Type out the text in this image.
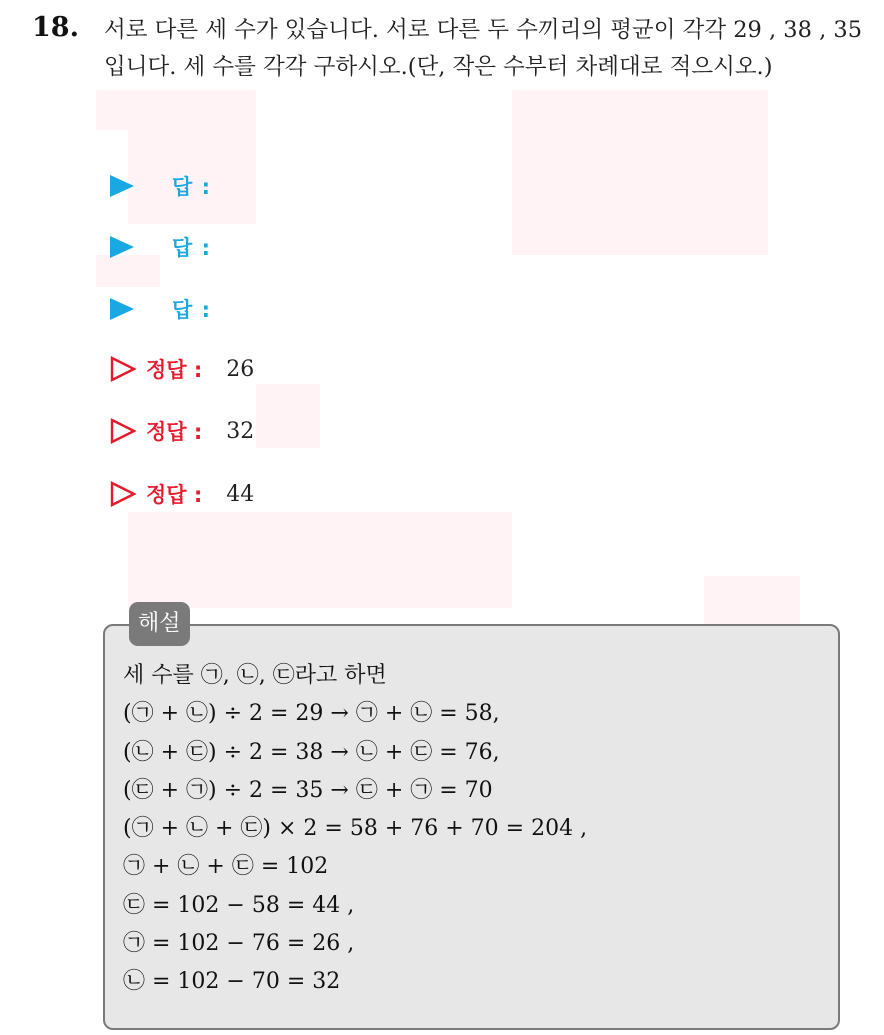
18. 서로 다른 세 수가 있습니다. 서로 다른 두 수끼리의 평균이 각각 29 , 38 , 35 입니다. 세 수를 각각 구하시오.(단, 작은 수부터 차례대로 적으시오.)
답 :
답 :
답 :
정답 : 26
정답 : 32
정답 : 44
해설
세 수를 ㉠, ㉡, ㉢라고 하면
(㉠ + ㉡) ÷ 2 = 29 → ㉠ + ㉡ = 58,
(㉡ + ㉢) ÷ 2 = 38 → ㉡ + ㉢ = 76,
(㉢ + ㉠) ÷ 2 = 35 → ㉢ + ㉠ = 70
(㉠ + ㉡ + ㉢) × 2 = 58 + 76 + 70 = 204 ,
㉠ + ㉡ + ㉢ = 102
㉢ = 102 − 58 = 44 ,
㉠ = 102 − 76 = 26 ,
㉡ = 102 − 70 = 32
